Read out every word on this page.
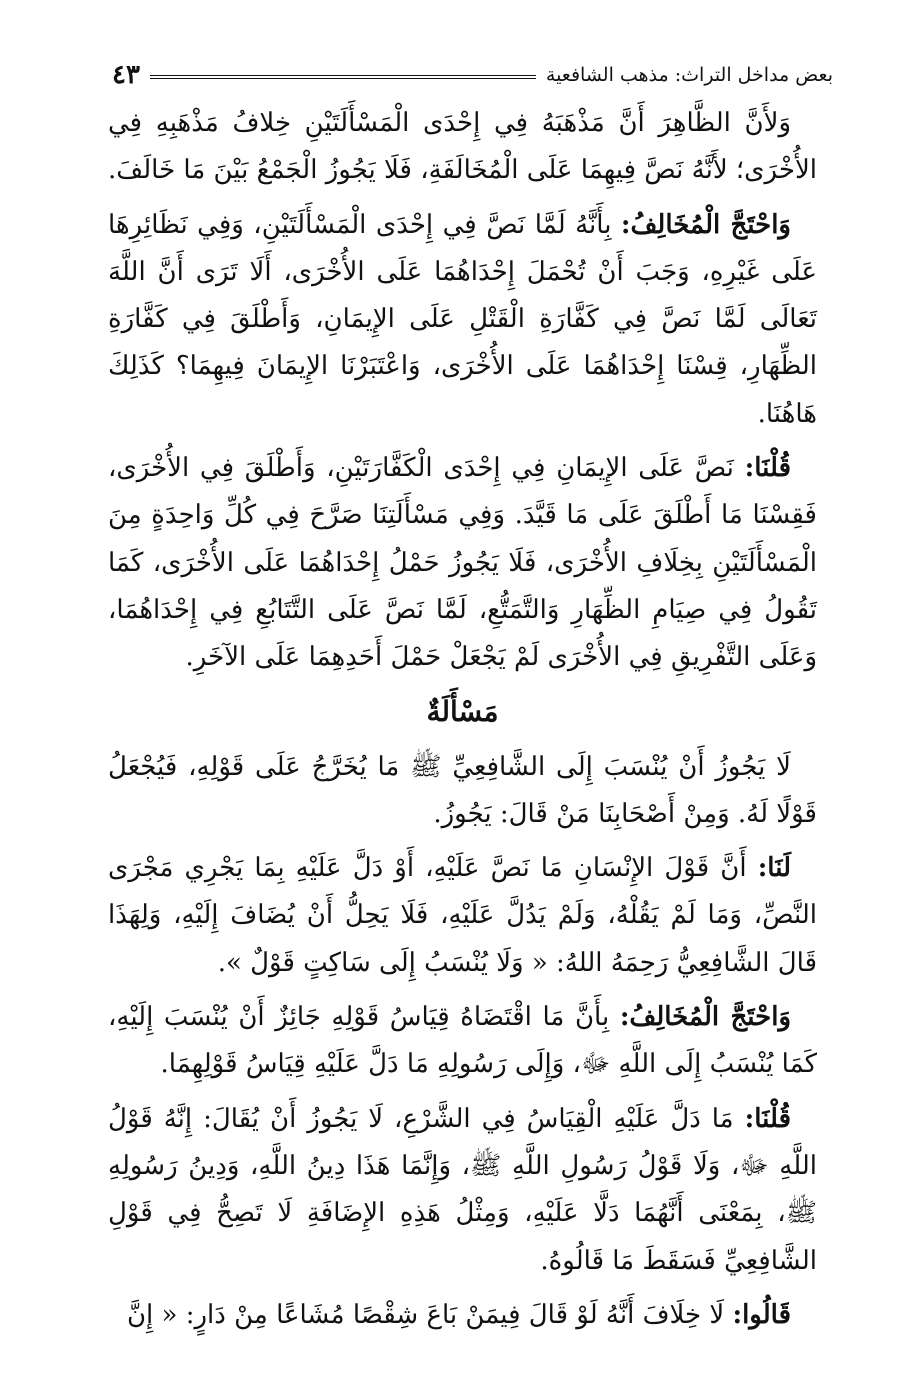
بعض مداخل التراث: مذهب الشافعية
٤٣

وَلأَنَّ الظَّاهِرَ أَنَّ مَذْهَبَهُ فِي إِحْدَى الْمَسْأَلَتَيْنِ خِلافُ مَذْهَبِهِ فِي الأُخْرَى؛ لأَنَّهُ نَصَّ فِيهِمَا عَلَى الْمُخَالَفَةِ، فَلَا يَجُوزُ الْجَمْعُ بَيْنَ مَا خَالَفَ.

وَاحْتَجَّ الْمُخَالِفُ: بِأَنَّهُ لَمَّا نَصَّ فِي إِحْدَى الْمَسْأَلَتَيْنِ، وَفِي نَظَائِرِهَا عَلَى غَيْرِهِ، وَجَبَ أَنْ تُحْمَلَ إِحْدَاهُمَا عَلَى الأُخْرَى، أَلَا تَرَى أَنَّ اللَّهَ تَعَالَى لَمَّا نَصَّ فِي كَفَّارَةِ الْقَتْلِ عَلَى الإِيمَانِ، وَأَطْلَقَ فِي كَفَّارَةِ الظِّهَارِ، قِسْنَا إِحْدَاهُمَا عَلَى الأُخْرَى، وَاعْتَبَرْنَا الإِيمَانَ فِيهِمَا؟ كَذَلِكَ هَاهُنَا.

قُلْنَا: نَصَّ عَلَى الإِيمَانِ فِي إِحْدَى الْكَفَّارَتَيْنِ، وَأَطْلَقَ فِي الأُخْرَى، فَقِسْنَا مَا أَطْلَقَ عَلَى مَا قَيَّدَ. وَفِي مَسْأَلَتِنَا صَرَّحَ فِي كُلِّ وَاحِدَةٍ مِنَ الْمَسْأَلَتَيْنِ بِخِلَافِ الأُخْرَى، فَلَا يَجُوزُ حَمْلُ إِحْدَاهُمَا عَلَى الأُخْرَى، كَمَا تَقُولُ فِي صِيَامِ الظِّهَارِ وَالتَّمَتُّعِ، لَمَّا نَصَّ عَلَى التَّتَابُعِ فِي إِحْدَاهُمَا، وَعَلَى التَّفْرِيقِ فِي الأُخْرَى لَمْ يَجْعَلْ حَمْلَ أَحَدِهِمَا عَلَى الآخَرِ.

مَسْأَلَةٌ

لَا يَجُوزُ أَنْ يُنْسَبَ إِلَى الشَّافِعِيِّ ﷺ مَا يُخَرَّجُ عَلَى قَوْلِهِ، فَيُجْعَلُ قَوْلًا لَهُ. وَمِنْ أَصْحَابِنَا مَنْ قَالَ: يَجُوزُ.

لَنَا: أَنَّ قَوْلَ الإِنْسَانِ مَا نَصَّ عَلَيْهِ، أَوْ دَلَّ عَلَيْهِ بِمَا يَجْرِي مَجْرَى النَّصِّ، وَمَا لَمْ يَقُلْهُ، وَلَمْ يَدُلَّ عَلَيْهِ، فَلَا يَحِلُّ أَنْ يُضَافَ إِلَيْهِ، وَلِهَذَا قَالَ الشَّافِعِيُّ رَحِمَهُ اللهُ: « وَلَا يُنْسَبُ إِلَى سَاكِتٍ قَوْلٌ ».

وَاحْتَجَّ الْمُخَالِفُ: بِأَنَّ مَا اقْتَضَاهُ قِيَاسُ قَوْلِهِ جَائِزٌ أَنْ يُنْسَبَ إِلَيْهِ، كَمَا يُنْسَبُ إِلَى اللَّهِ ﷻ، وَإِلَى رَسُولِهِ مَا دَلَّ عَلَيْهِ قِيَاسُ قَوْلِهِمَا.

قُلْنَا: مَا دَلَّ عَلَيْهِ الْقِيَاسُ فِي الشَّرْعِ، لَا يَجُوزُ أَنْ يُقَالَ: إِنَّهُ قَوْلُ اللَّهِ ﷻ، وَلَا قَوْلُ رَسُولِ اللَّهِ ﷺ، وَإِنَّمَا هَذَا دِينُ اللَّهِ، وَدِينُ رَسُولِهِ ﷺ، بِمَعْنَى أَنَّهُمَا دَلَّا عَلَيْهِ، وَمِثْلُ هَذِهِ الإِضَافَةِ لَا تَصِحُّ فِي قَوْلِ الشَّافِعِيِّ فَسَقَطَ مَا قَالُوهُ.

قَالُوا: لَا خِلَافَ أَنَّهُ لَوْ قَالَ فِيمَنْ بَاعَ شِقْصًا مُشَاعًا مِنْ دَارٍ: « إِنَّ
